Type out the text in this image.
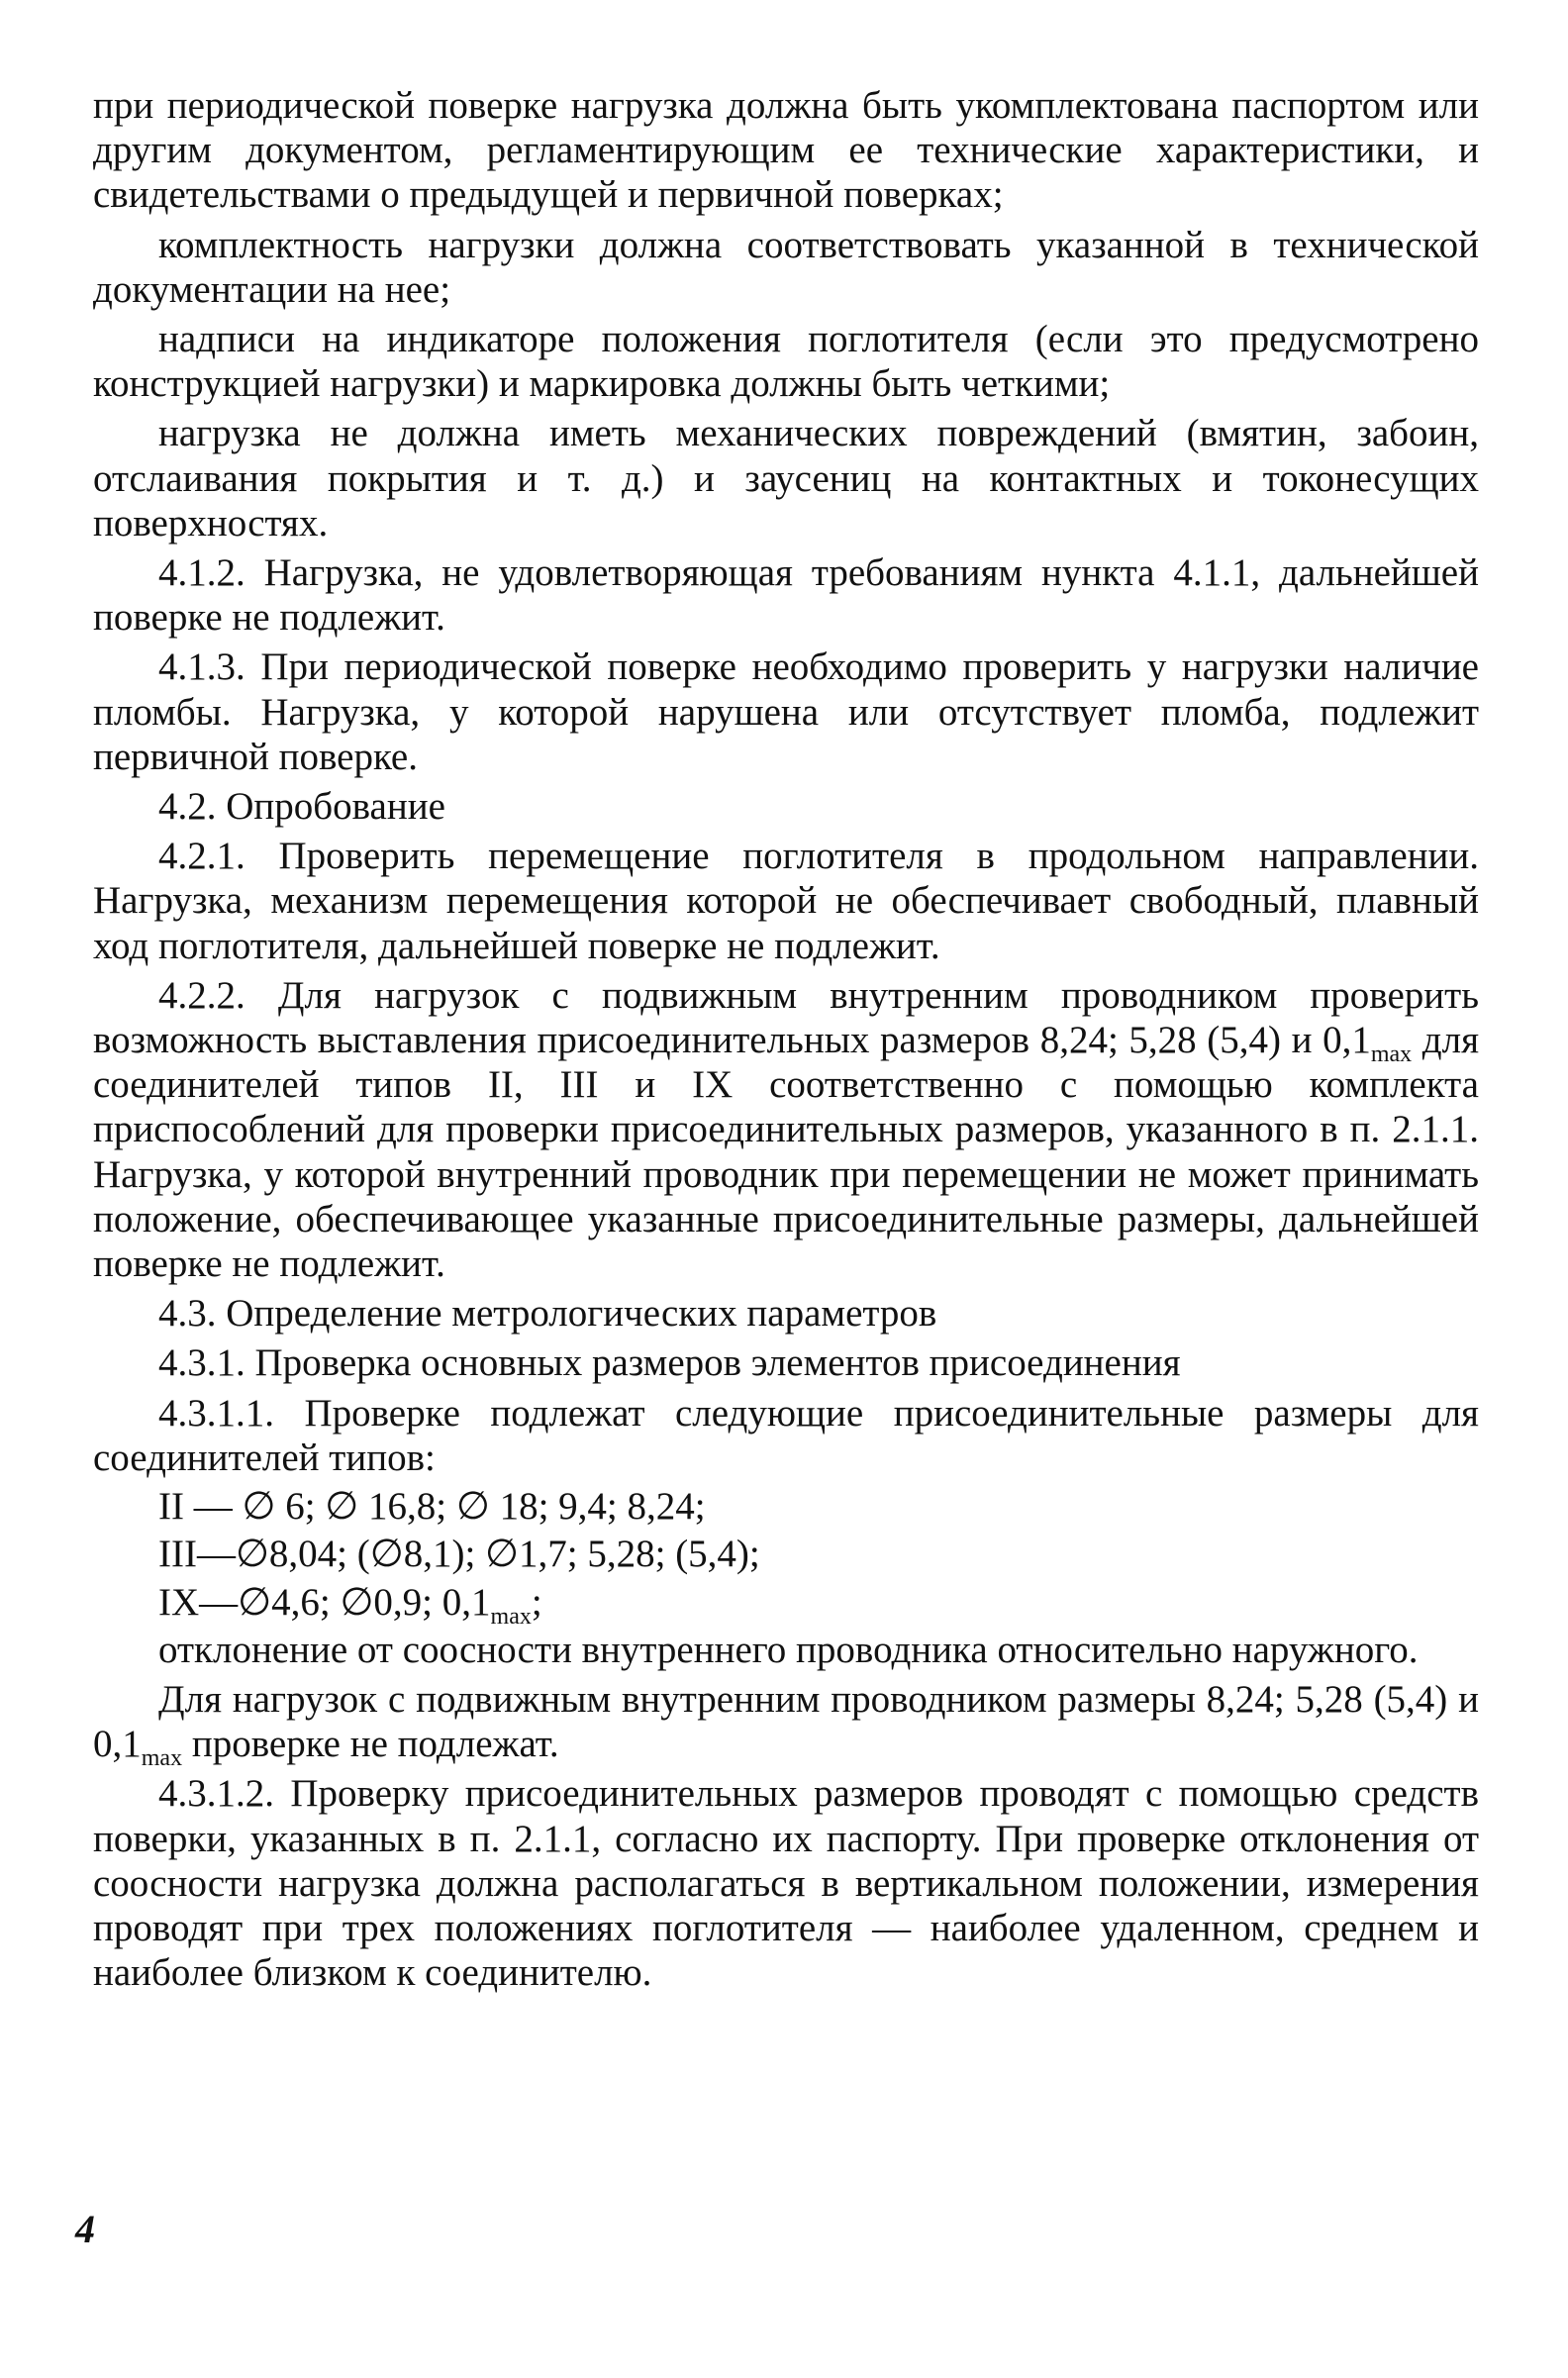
при периодической поверке нагрузка должна быть укомплектована паспортом или другим документом, регламентирующим ее технические характеристики, и свидетельствами о предыдущей и первичной поверках;

комплектность нагрузки должна соответствовать указанной в технической документации на нее;

надписи на индикаторе положения поглотителя (если это предусмотрено конструкцией нагрузки) и маркировка должны быть четкими;

нагрузка не должна иметь механических повреждений (вмятин, забоин, отслаивания покрытия и т. д.) и заусениц на контактных и токонесущих поверхностях.

4.1.2. Нагрузка, не удовлетворяющая требованиям нункта 4.1.1, дальнейшей поверке не подлежит.

4.1.3. При периодической поверке необходимо проверить у нагрузки наличие пломбы. Нагрузка, у которой нарушена или отсутствует пломба, подлежит первичной поверке.

4.2. Опробование

4.2.1. Проверить перемещение поглотителя в продольном направлении. Нагрузка, механизм перемещения которой не обеспечивает свободный, плавный ход поглотителя, дальнейшей поверке не подлежит.

4.2.2. Для нагрузок с подвижным внутренним проводником проверить возможность выставления присоединительных размеров 8,24; 5,28 (5,4) и $0,1_{max}$ для соединителей типов II, III и IX соответственно с помощью комплекта приспособлений для проверки присоединительных размеров, указанного в п. 2.1.1. Нагрузка, у которой внутренний проводник при перемещении не может принимать положение, обеспечивающее указанные присоединительные размеры, дальнейшей поверке не подлежит.

4.3. Определение метрологических параметров

4.3.1. Проверка основных размеров элементов присоединения

4.3.1.1. Проверке подлежат следующие присоединительные размеры для соединителей типов:

II — ∅ 6; ∅ 16,8; ∅ 18; 9,4; 8,24;

III—∅8,04; (∅8,1); ∅1,7; 5,28; (5,4);

IX—∅4,6; ∅0,9; $0,1_{max}$;

отклонение от соосности внутреннего проводника относительно наружного.

Для нагрузок с подвижным внутренним проводником размеры 8,24; 5,28 (5,4) и $0,1_{max}$ проверке не подлежат.

4.3.1.2. Проверку присоединительных размеров проводят с помощью средств поверки, указанных в п. 2.1.1, согласно их паспорту. При проверке отклонения от соосности нагрузка должна располагаться в вертикальном положении, измерения проводят при трех положениях поглотителя — наиболее удаленном, среднем и наиболее близком к соединителю.

4
